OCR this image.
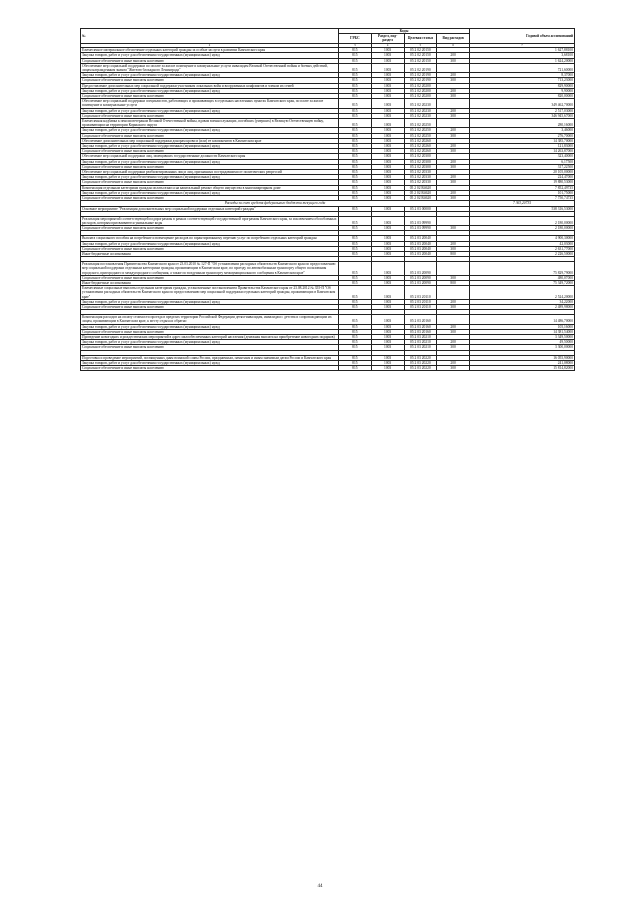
№	Коды				Годовой объем ассигнований
	ГРБС	Раздел, под-раздел	Целевая статья	Вид расходов	
2	3	4	5	6	7
Ежемесячное материальное обеспечение отдельных категорий граждан за особые заслуги в развитии Камчатского края	815	1003	05 2 02 20150		1 627,88100
Закупка товаров, работ и услуг для обеспечения государственных (муниципальных) нужд	815	1003	05 2 02 20150	200	3,68100
Социальное обеспечение и иные выплаты населению	815	1003	05 2 02 20150	300	1 624,20000
Обеспечение мер социальной поддержки по оплате за жилое помещение и коммунальные услуги инвалидам Великой Отечественной войны и боевых действий, лицам награжденным знаком "Жителю блокадного Ленинграда"	815	1003	05 2 02 20190		721,60000
Закупка товаров, работ и услуг для обеспечения государственных (муниципальных) нужд	815	1003	05 2 02 20190	200	8,37000
Социальное обеспечение и иные выплаты населению	815	1003	05 2 02 20190	300	713,23000
Предоставление дополнительных мер социальной поддержки участникам локальных войн и вооруженных конфликтов и членам их семей	815	1003	05 2 02 20200		829,90000
Закупка товаров, работ и услуг для обеспечения государственных (муниципальных) нужд	815	1003	05 2 02 20200	200	9,90000
Социальное обеспечение и иные выплаты населению	815	1003	05 2 02 20200	300	820,00000
Обеспечение мер социальной поддержки специалистов, работающих и проживающих в отдельных населенных пунктах Камчатского края, по плате за жилое помещение и коммунальные услуги	815	1003	05 2 02 20230		349 462,70000
Закупка товаров, работ и услуг для обеспечения государственных (муниципальных) нужд	815	1003	05 2 02 20230	200	2 517,03000
Социальное обеспечение и иные выплаты населению	815	1003	05 2 02 20230	300	346 945,67000
Ежемесячная надбавка к пенсии ветеранам Великой Отечественной войны, вдовам военнослужащих, погибших (умерших) в Великую Отечественную войну, проживающим на территории Корякского округа	815	1003	05 2 02 20250		280,16000
Закупка товаров, работ и услуг для обеспечения государственных (муниципальных) нужд	815	1003	05 2 02 20250	200	3,46000
Социальное обеспечение и иные выплаты населению	815	1003	05 2 02 20250	300	276,70000
Обеспечение дополнительных мер социальной поддержки донорам крови и (или) ее компонентов в Камчатском крае	815	1003	05 2 02 20260		14 385,70000
Закупка товаров, работ и услуг для обеспечения государственных (муниципальных) нужд	815	1003	05 2 02 20260	200	121,83000
Социальное обеспечение и иные выплаты населению	815	1003	05 2 02 20260	300	14 263,87000
Обеспечение мер социальной поддержки лиц, замещавших государственные должности Камчатского края	815	1003	05 2 02 20300		323,40000
Закупка товаров, работ и услуг для обеспечения государственных (муниципальных) нужд	815	1003	05 2 02 20300	200	6,17500
Социальное обеспечение и иные выплаты населению	815	1003	05 2 02 20300	300	317,22500
Обеспечение мер социальной поддержки реабилитированных лиц и лиц, признанных пострадавшими от политических репрессий	815	1003	05 2 02 20330		20 105,00000
Закупка товаров, работ и услуг для обеспечения государственных (муниципальных) нужд	815	1003	05 2 02 20330	200	224,47000
Социальное обеспечение и иные выплаты населению	815	1003	05 2 02 20330	300	19 880,53000
Компенсация отдельным категориям граждан оплаты взноса на капитальный ремонт общего имущества в многоквартирном доме	815	1003	05 2 02 R4620		7 852,49735
Закупка товаров, работ и услуг для обеспечения государственных (муниципальных) нужд	815	1003	05 2 02 R4620	200	101,75000
Социальное обеспечение и иные выплаты населению	815	1003	05 2 02 R4620	300	7 750,74735
Расходы за счет средств федерального бюджета текущего года					7 363,20735
Основное мероприятие "Реализация дополнительных мер социальной поддержки отдельных категорий граждан"	815	1003	05 2 03 00000		538 316,53000

Реализация мероприятий соответствующей подпрограммы в рамках соответствующей государственной программы Камчатского края, за исключением обособленных расходов, которым присваиваются уникальные коды	815	1003	05 2 03 09990		2 180,00000
Социальное обеспечение и иные выплаты населению	815	1003	05 2 03 09990	300	2 180,00000

Выплата социального пособия на погребение и возмещение расходов по гарантированному перечню услуг по погребению отдельных категорий граждан	815	1003	05 2 03 20040		4 900,30000
Закупка товаров, работ и услуг для обеспечения государственных (муниципальных) нужд	815	1003	05 2 03 20040	200	42,03000
Социальное обеспечение и иные выплаты населению	815	1003	05 2 03 20040	300	2 631,77000
Иные бюджетные ассигнования	815	1003	05 2 03 20040	800	2 226,50000

Реализация постановления Правительства Камчатского края от 23.03.2010 № 127-П "Об установлении расходных обязательств Камчатского края по предоставлению мер социальной поддержки отдельным категориям граждан, проживающим в Камчатском крае, по проезду по автомобильным транспорту общего пользования городского, пригородного и междугородного сообщения, а также по воздушным транспорту межмуниципального сообщения в Камчатском крае"	815	1003	05 2 03 20090		75 829,79000
Социальное обеспечение и иные выплаты населению	815	1003	05 2 03 20090	300	480,07000
Иные бюджетные ассигнования	815	1003	05 2 03 20090	800	75 349,72000
Ежемесячные социальные выплаты отдельным категориям граждан, установленные постановлением Правительства Камчатского края от 23.08.2012 № 355-П "Об установлении расходных обязательств Камчатского края по предоставлению мер социальной поддержки отдельных категорий граждан, проживающих в Камчатском крае"	815	1003	05 2 03 20110		2 524,20000
Закупка товаров, работ и услуг для обеспечения государственных (муниципальных) нужд	815	1003	05 2 03 20110	200	34,22000
Социальное обеспечение и иные выплаты населению	815	1003	05 2 03 20110	300	2 489,98000

Компенсация расходов на оплату стоимости проезда в пределах территории Российской Федерации детям-инвалидам, инвалидам с детства и сопровождающим их лицам, проживающим в Камчатском крае, к месту отдыха и обратно	815	1003	05 2 03 20160		14 486,70000
Закупка товаров, работ и услуг для обеспечения государственных (муниципальных) нужд	815	1003	05 2 03 20160	200	105,16000
Социальное обеспечение и иные выплаты населению	815	1003	05 2 03 20160	300	14 381,54000
Проведение новогодних и рождественских мероприятий в адрес малообеспеченных категорий населения (денежная выплата на приобретение новогодних подарков)	815	1003	05 2 03 20210		3 349,50000
Закупка товаров, работ и услуг для обеспечения государственных (муниципальных) нужд	815	1003	05 2 03 20210	200	49,50000
Социальное обеспечение и иные выплаты населению	815	1003	05 2 03 20210	300	3 300,00000

Подготовка и проведение мероприятий, посвященных дням воинской славы России, праздничным, памятным и иным значимым датам России и Камчатского края	815	1003	05 2 03 20220		16 055,90000
Закупка товаров, работ и услуг для обеспечения государственных (муниципальных) нужд	815	1003	05 2 03 20220	200	241,08000
Социальное обеспечение и иные выплаты населению	815	1003	05 2 03 20220	300	15 814,82000
44
